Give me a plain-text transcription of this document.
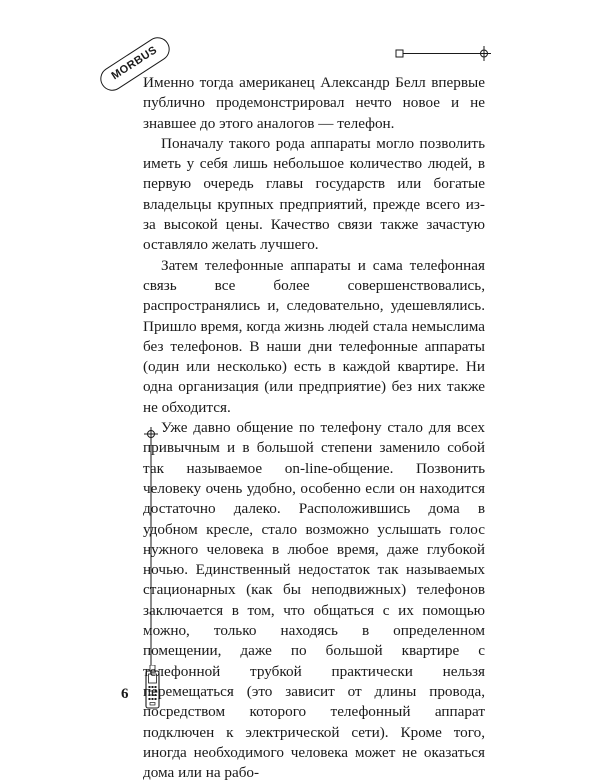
MORBUS

Именно тогда американец Александр Белл впервые публично продемонстрировал нечто новое и не знавшее до этого аналогов — телефон.

Поначалу такого рода аппараты могло позволить иметь у себя лишь небольшое количество людей, в первую очередь главы государств или богатые владельцы крупных предприятий, прежде всего из-за высокой цены. Качество связи также зачастую оставляло желать лучшего.

Затем телефонные аппараты и сама телефонная связь все более совершенствовались, распространялись и, следовательно, удешевлялись. Пришло время, когда жизнь людей стала немыслима без телефонов. В наши дни телефонные аппараты (один или несколько) есть в каждой квартире. Ни одна организация (или предприятие) без них также не обходится.

Уже давно общение по телефону стало для всех привычным и в большой степени заменило собой так называемое on-line-общение. Позвонить человеку очень удобно, особенно если он находится достаточно далеко. Расположившись дома в удобном кресле, стало возможно услышать голос нужного человека в любое время, даже глубокой ночью. Единственный недостаток так называемых стационарных (как бы неподвижных) телефонов заключается в том, что общаться с их помощью можно, только находясь в определенном помещении, даже по большой квартире с телефонной трубкой практически нельзя перемещаться (это зависит от длины провода, посредством которого телефонный аппарат подключен к электрической сети). Кроме того, иногда необходимого человека может не оказаться дома или на рабо-

6
